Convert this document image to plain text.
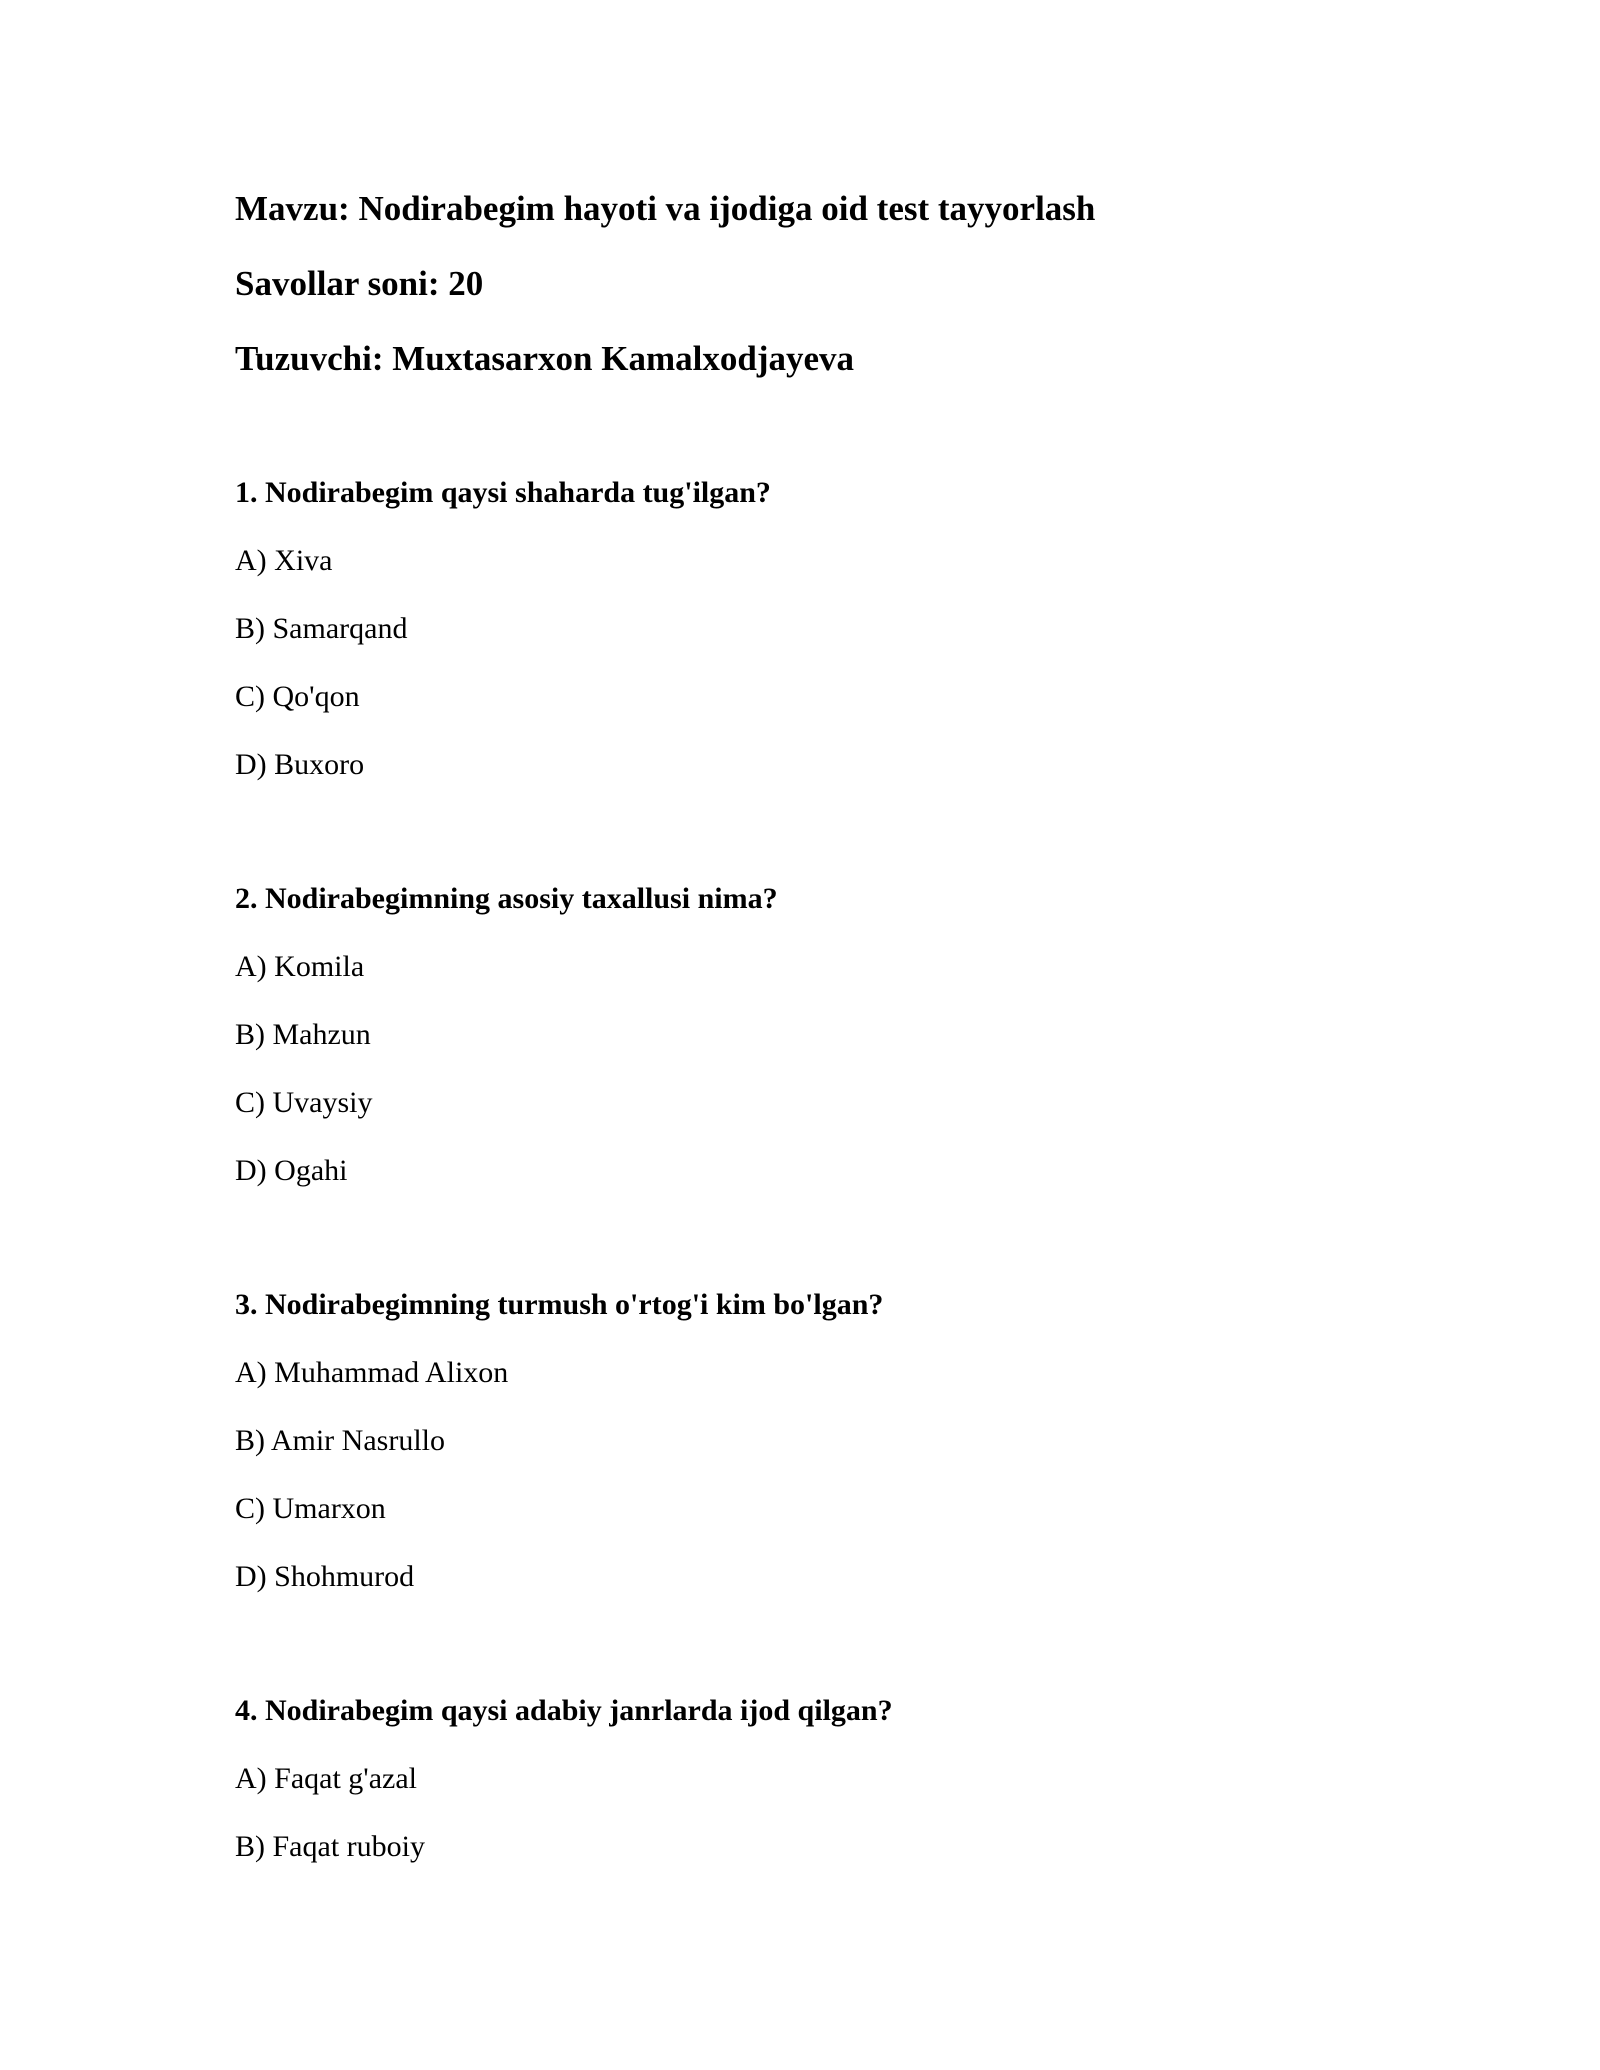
Mavzu: Nodirabegim hayoti va ijodiga oid test tayyorlash
Savollar soni: 20
Tuzuvchi: Muxtasarxon Kamalxodjayeva
1. Nodirabegim qaysi shaharda tug'ilgan?
A) Xiva
B) Samarqand
C) Qo'qon
D) Buxoro
2. Nodirabegimning asosiy taxallusi nima?
A) Komila
B) Mahzun
C) Uvaysiy
D) Ogahi
3. Nodirabegimning turmush o'rtog'i kim bo'lgan?
A) Muhammad Alixon
B) Amir Nasrullo
C) Umarxon
D) Shohmurod
4. Nodirabegim qaysi adabiy janrlarda ijod qilgan?
A) Faqat g'azal
B) Faqat ruboiy
